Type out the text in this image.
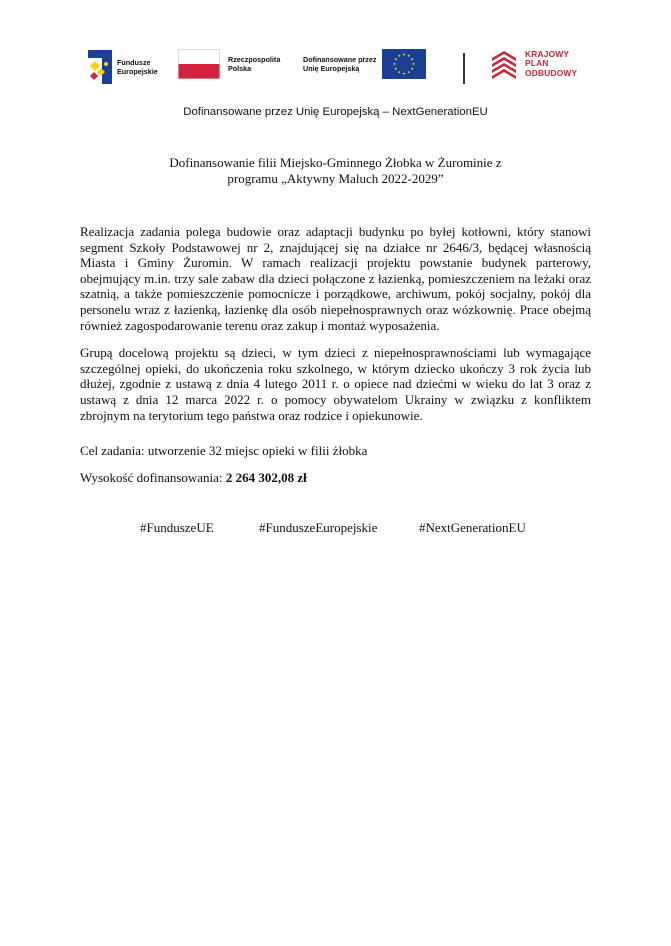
Fundusze
Europejskie
Rzeczpospolita
Polska
Dofinansowane przez
Unię Europejską
KRAJOWY
PLAN
ODBUDOWY
Dofinansowane przez Unię Europejską – NextGenerationEU
Dofinansowanie filii Miejsko-Gminnego Żłobka w Żurominie z
programu „Aktywny Maluch 2022-2029”

Realizacja zadania polega budowie oraz adaptacji budynku po byłej kotłowni, który stanowi segment Szkoły Podstawowej nr 2, znajdującej się na działce nr 2646/3, będącej własnością Miasta i Gminy Żuromin. W ramach realizacji projektu powstanie budynek parterowy, obejmujący m.in. trzy sale zabaw dla dzieci połączone z łazienką, pomieszczeniem na leżaki oraz szatnią, a także pomieszczenie pomocnicze i porządkowe, archiwum, pokój socjalny, pokój dla personelu wraz z łazienką, łazienkę dla osób niepełnosprawnych oraz wózkownię. Prace obejmą również zagospodarowanie terenu oraz zakup i montaż wyposażenia.

Grupą docelową projektu są dzieci, w tym dzieci z niepełnosprawnościami lub wymagające szczególnej opieki, do ukończenia roku szkolnego, w którym dziecko ukończy 3 rok życia lub dłużej, zgodnie z ustawą z dnia 4 lutego 2011 r. o opiece nad dziećmi w wieku do lat 3 oraz z ustawą z dnia 12 marca 2022 r. o pomocy obywatelom Ukrainy w związku z konfliktem zbrojnym na terytorium tego państwa oraz rodzice i opiekunowie.

Cel zadania: utworzenie 32 miejsc opieki w filii żłobka
Wysokość dofinansowania: 2 264 302,08 zł
#FunduszeUE	#FunduszeEuropejskie	#NextGenerationEU
